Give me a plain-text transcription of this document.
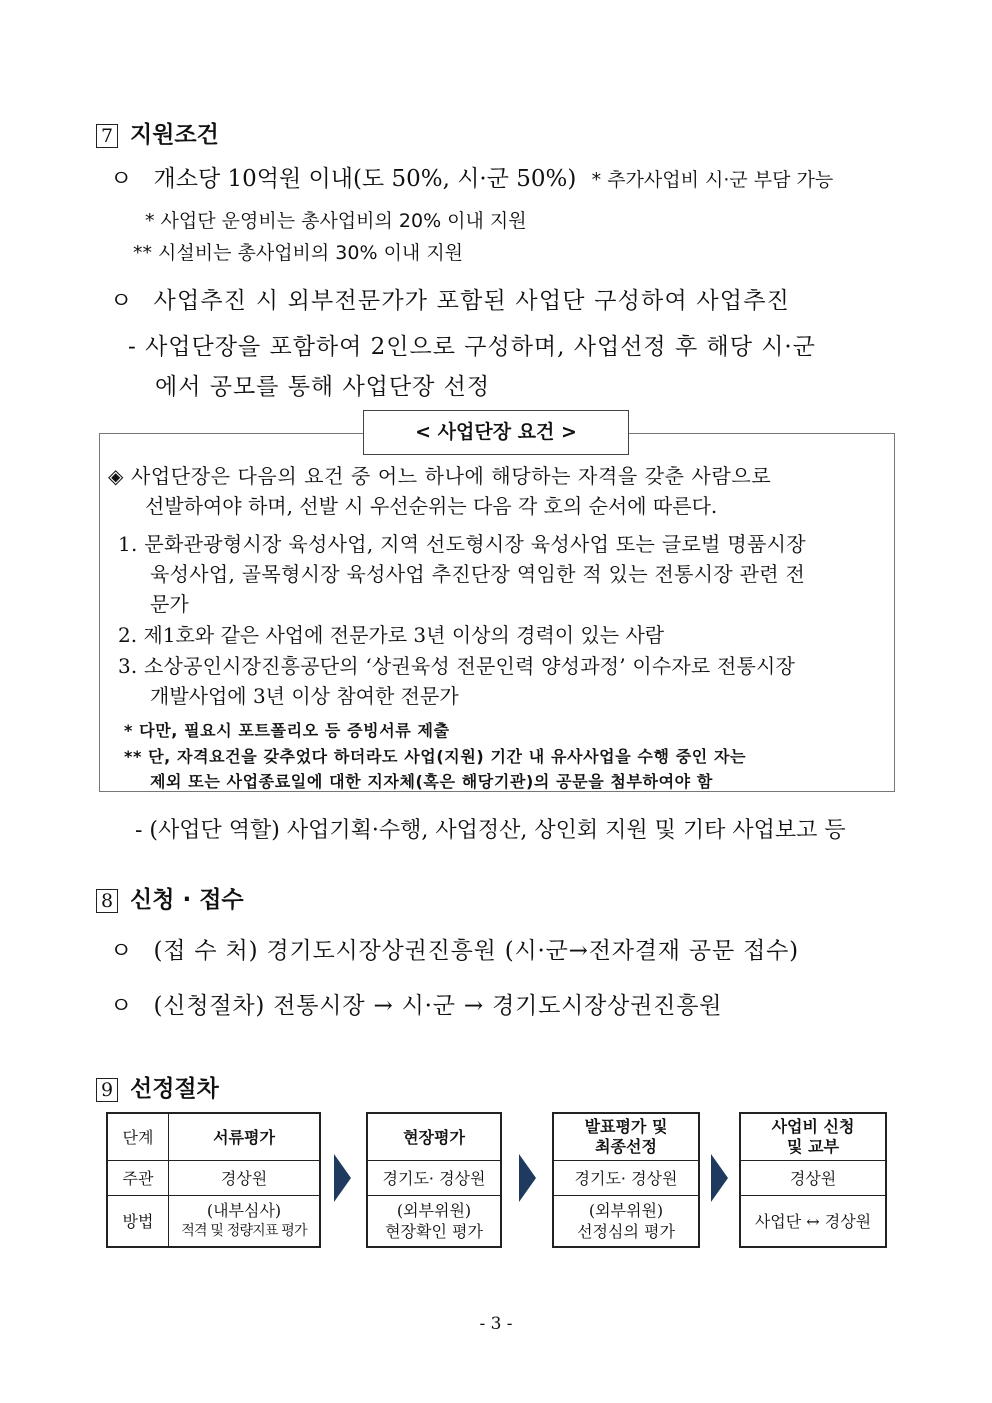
7 지원조건
ㅇ 개소당 10억원 이내(도 50%, 시·군 50%) * 추가사업비 시·군 부담 가능
* 사업단 운영비는 총사업비의 20% 이내 지원
** 시설비는 총사업비의 30% 이내 지원
ㅇ 사업추진 시 외부전문가가 포함된 사업단 구성하여 사업추진
- 사업단장을 포함하여 2인으로 구성하며, 사업선정 후 해당 시·군
에서 공모를 통해 사업단장 선정
< 사업단장 요건 >
◈ 사업단장은 다음의 요건 중 어느 하나에 해당하는 자격을 갖춘 사람으로
선발하여야 하며, 선발 시 우선순위는 다음 각 호의 순서에 따른다.
1. 문화관광형시장 육성사업, 지역 선도형시장 육성사업 또는 글로벌 명품시장
육성사업, 골목형시장 육성사업 추진단장 역임한 적 있는 전통시장 관련 전
문가
2. 제1호와 같은 사업에 전문가로 3년 이상의 경력이 있는 사람
3. 소상공인시장진흥공단의 ‘상권육성 전문인력 양성과정’ 이수자로 전통시장
개발사업에 3년 이상 참여한 전문가
* 다만, 필요시 포트폴리오 등 증빙서류 제출
** 단, 자격요건을 갖추었다 하더라도 사업(지원) 기간 내 유사사업을 수행 중인 자는
제외 또는 사업종료일에 대한 지자체(혹은 해당기관)의 공문을 첨부하여야 함
- (사업단 역할) 사업기획·수행, 사업정산, 상인회 지원 및 기타 사업보고 등
8 신청 · 접수
ㅇ (접 수 처) 경기도시장상권진흥원 (시·군→전자결재 공문 접수)
ㅇ (신청절차) 전통시장 → 시·군 → 경기도시장상권진흥원
9 선정절차
단계
주관
방법
서류평가
경상원
(내부심사)
적격 및 정량지표 평가
현장평가
경기도· 경상원
(외부위원)
현장확인 평가
발표평가 및
최종선정
경기도· 경상원
(외부위원)
선정심의 평가
사업비 신청
및 교부
경상원
사업단 ↔ 경상원
- 3 -
